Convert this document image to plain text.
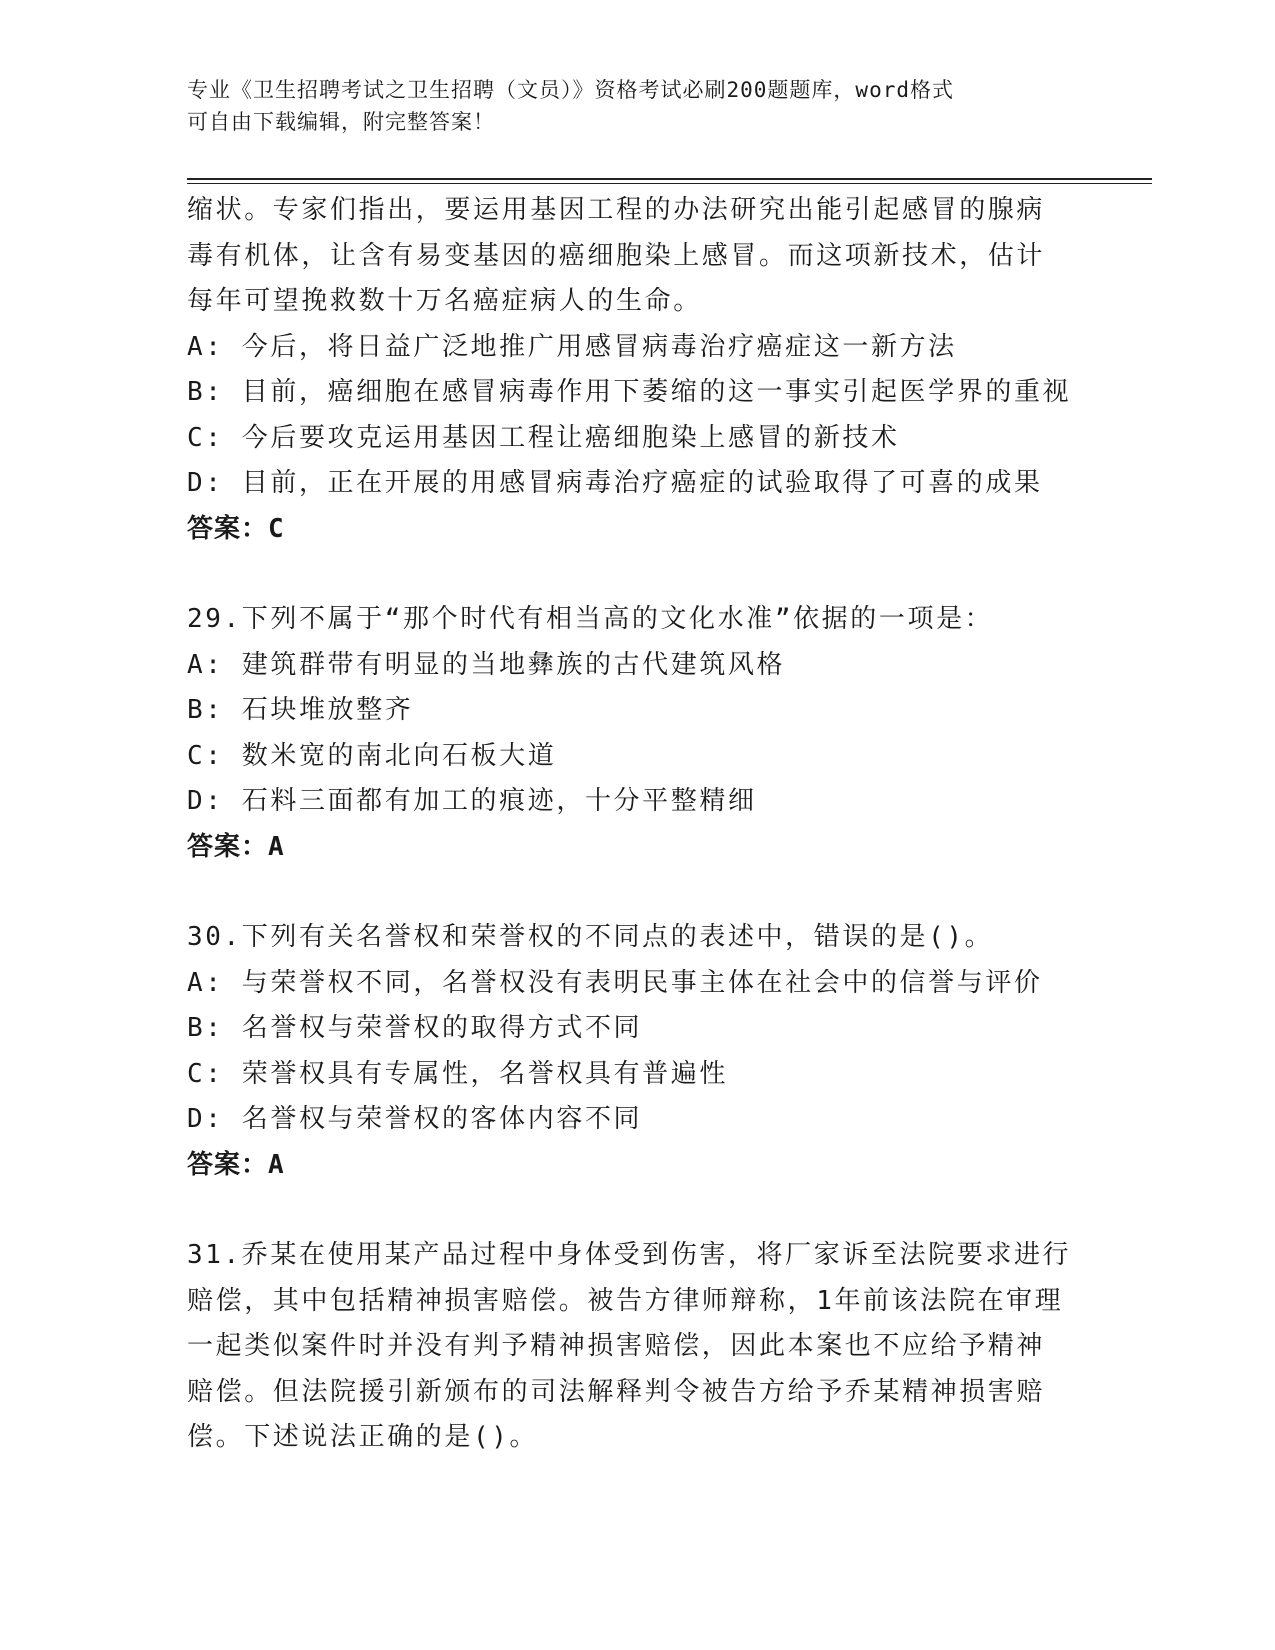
专业《卫生招聘考试之卫生招聘（文员）》资格考试必刷200题题库，word格式
可自由下载编辑，附完整答案！
缩状。专家们指出，要运用基因工程的办法研究出能引起感冒的腺病
毒有机体，让含有易变基因的癌细胞染上感冒。而这项新技术，估计
每年可望挽救数十万名癌症病人的生命。
A: 今后，将日益广泛地推广用感冒病毒治疗癌症这一新方法
B: 目前，癌细胞在感冒病毒作用下萎缩的这一事实引起医学界的重视
C: 今后要攻克运用基因工程让癌细胞染上感冒的新技术
D: 目前，正在开展的用感冒病毒治疗癌症的试验取得了可喜的成果
答案：C
29.下列不属于“那个时代有相当高的文化水准”依据的一项是：
A: 建筑群带有明显的当地彝族的古代建筑风格
B: 石块堆放整齐
C: 数米宽的南北向石板大道
D: 石料三面都有加工的痕迹，十分平整精细
答案：A
30.下列有关名誉权和荣誉权的不同点的表述中，错误的是()。
A: 与荣誉权不同，名誉权没有表明民事主体在社会中的信誉与评价
B: 名誉权与荣誉权的取得方式不同
C: 荣誉权具有专属性，名誉权具有普遍性
D: 名誉权与荣誉权的客体内容不同
答案：A
31.乔某在使用某产品过程中身体受到伤害，将厂家诉至法院要求进行
赔偿，其中包括精神损害赔偿。被告方律师辩称，1年前该法院在审理
一起类似案件时并没有判予精神损害赔偿，因此本案也不应给予精神
赔偿。但法院援引新颁布的司法解释判令被告方给予乔某精神损害赔
偿。下述说法正确的是()。
